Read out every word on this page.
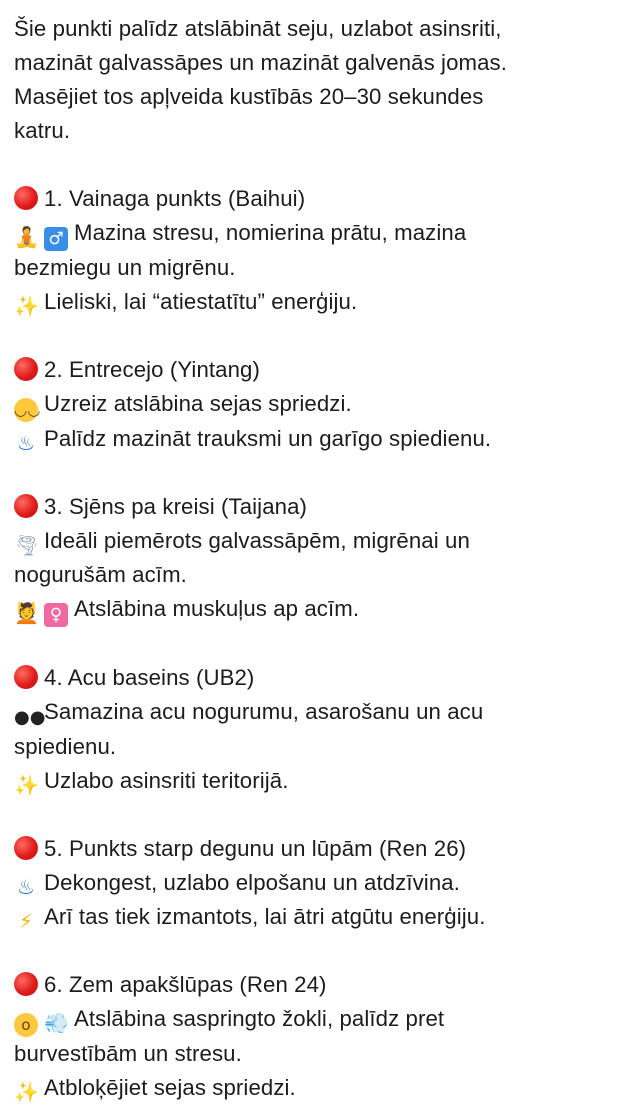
Šie punkti palīdz atslābināt seju, uzlabot asinsriti,

mazināt galvassāpes un mazināt galvenās jomas.

Masējiet tos apļveida kustībās 20–30 sekundes

katru.

1. Vainaga punkts (Baihui)

🧘 ♂ Mazina stresu, nomierina prātu, mazina

bezmiegu un migrēnu.

✨ Lieliski, lai “atiestatītu” enerģiju.

2. Entrecejo (Yintang)

◡◡ Uzreiz atslābina sejas spriedzi.

♨ Palīdz mazināt trauksmi un garīgo spiedienu.

3. Sjēns pa kreisi (Taijana)

🌪 Ideāli piemērots galvassāpēm, migrēnai un

nogurušām acīm.

💆 ♀ Atslābina muskuļus ap acīm.

4. Acu baseins (UB2)

●●Samazina acu nogurumu, asarošanu un acu

spiedienu.

✨ Uzlabo asinsriti teritorijā.

5. Punkts starp degunu un lūpām (Ren 26)

♨ Dekongest, uzlabo elpošanu un atdzīvina.

⚡ Arī tas tiek izmantots, lai ātri atgūtu enerģiju.

6. Zem apakšlūpas (Ren 24)

o 💨 Atslābina saspringto žokli, palīdz pret

burvestībām un stresu.

✨ Atbloķējiet sejas spriedzi.
